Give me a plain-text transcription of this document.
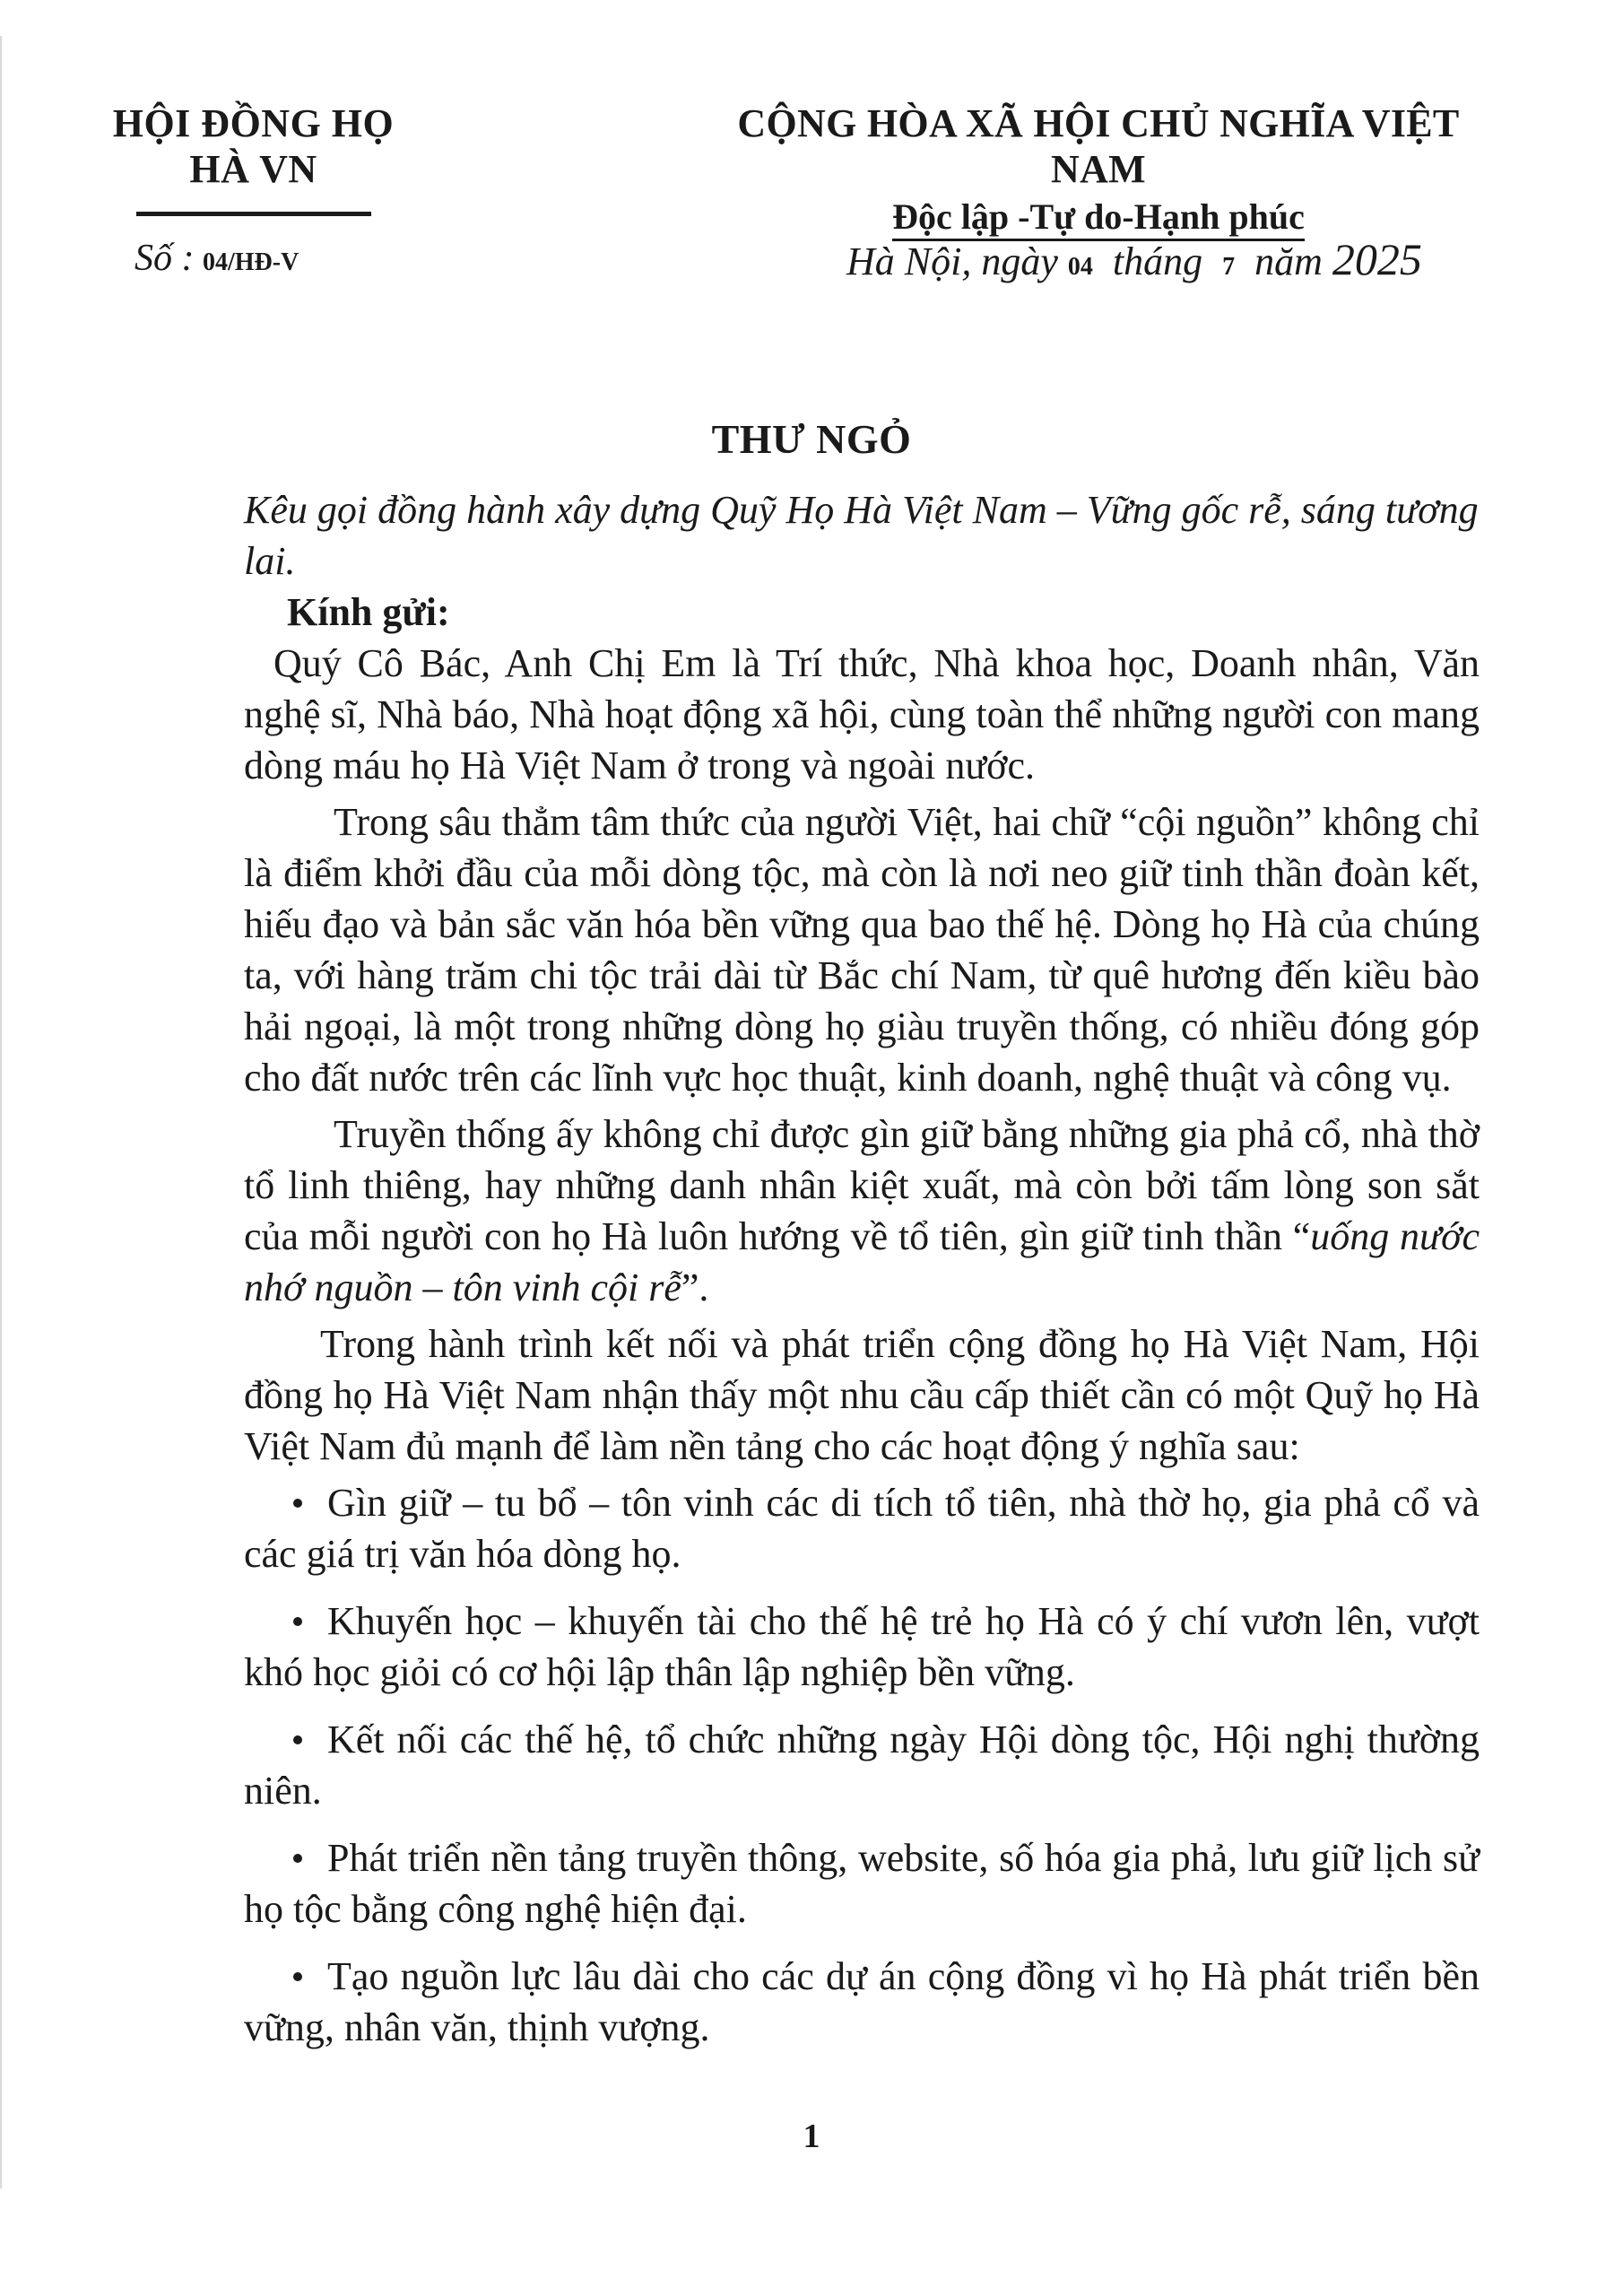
HỘI ĐỒNG HỌ HÀ VN
CỘNG HÒA XÃ HỘI CHỦ NGHĨA VIỆT NAM
Độc lập -Tự do-Hạnh phúc
Số : 04/HĐ-V	Hà Nội, ngày 04 tháng 7 năm 2025
THƯ NGỎ

Kêu gọi đồng hành xây dựng Quỹ Họ Hà Việt Nam – Vững gốc rễ, sáng tương lai.

Kính gửi:

Quý Cô Bác, Anh Chị Em là Trí thức, Nhà khoa học, Doanh nhân, Văn nghệ sĩ, Nhà báo, Nhà hoạt động xã hội, cùng toàn thể những người con mang dòng máu họ Hà Việt Nam ở trong và ngoài nước.

Trong sâu thẳm tâm thức của người Việt, hai chữ “cội nguồn” không chỉ là điểm khởi đầu của mỗi dòng tộc, mà còn là nơi neo giữ tinh thần đoàn kết, hiếu đạo và bản sắc văn hóa bền vững qua bao thế hệ. Dòng họ Hà của chúng ta, với hàng trăm chi tộc trải dài từ Bắc chí Nam, từ quê hương đến kiều bào hải ngoại, là một trong những dòng họ giàu truyền thống, có nhiều đóng góp cho đất nước trên các lĩnh vực học thuật, kinh doanh, nghệ thuật và công vụ.

Truyền thống ấy không chỉ được gìn giữ bằng những gia phả cổ, nhà thờ tổ linh thiêng, hay những danh nhân kiệt xuất, mà còn bởi tấm lòng son sắt của mỗi người con họ Hà luôn hướng về tổ tiên, gìn giữ tinh thần “uống nước nhớ nguồn – tôn vinh cội rễ”.

Trong hành trình kết nối và phát triển cộng đồng họ Hà Việt Nam, Hội đồng họ Hà Việt Nam nhận thấy một nhu cầu cấp thiết cần có một Quỹ họ Hà Việt Nam đủ mạnh để làm nền tảng cho các hoạt động ý nghĩa sau:

Gìn giữ – tu bổ – tôn vinh các di tích tổ tiên, nhà thờ họ, gia phả cổ và các giá trị văn hóa dòng họ.
Khuyến học – khuyến tài cho thế hệ trẻ họ Hà có ý chí vươn lên, vượt khó học giỏi có cơ hội lập thân lập nghiệp bền vững.
Kết nối các thế hệ, tổ chức những ngày Hội dòng tộc, Hội nghị thường niên.
Phát triển nền tảng truyền thông, website, số hóa gia phả, lưu giữ lịch sử họ tộc bằng công nghệ hiện đại.
Tạo nguồn lực lâu dài cho các dự án cộng đồng vì họ Hà phát triển bền vững, nhân văn, thịnh vượng.
1
